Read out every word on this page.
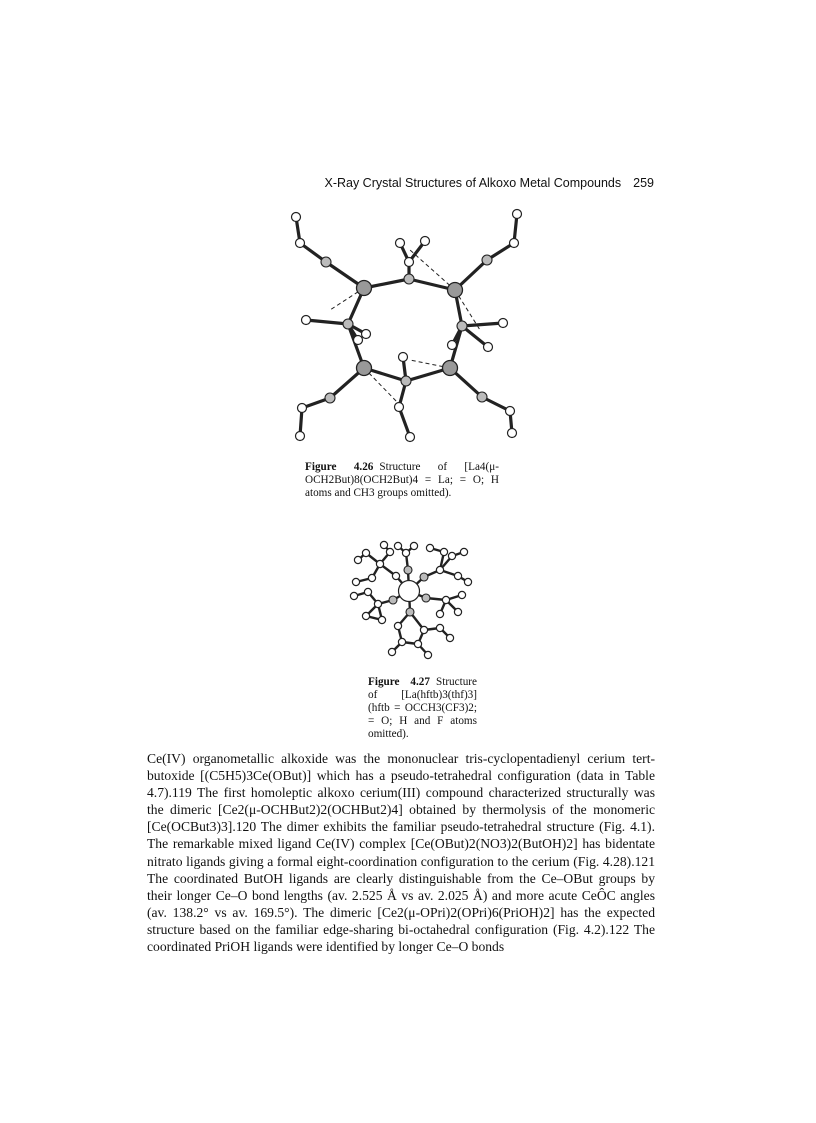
X-Ray Crystal Structures of Alkoxo Metal Compounds 259
Figure 4.26 Structure of [La4(μ-OCH2But)8(OCH2But)4 = La; = O; H atoms and CH3 groups omitted).
Figure 4.27 Structure of [La(hftb)3(thf)3] (hftb = OCCH3(CF3)2; = O; H and F atoms omitted).
Ce(IV) organometallic alkoxide was the mononuclear tris-cyclopentadienyl cerium tert-butoxide [(C5H5)3Ce(OBut)] which has a pseudo-tetrahedral configuration (data in Table 4.7).119 The first homoleptic alkoxo cerium(III) compound characterized structurally was the dimeric [Ce2(μ-OCHBut2)2(OCHBut2)4] obtained by thermolysis of the monomeric [Ce(OCBut3)3].120 The dimer exhibits the familiar pseudo-tetrahedral structure (Fig. 4.1). The remarkable mixed ligand Ce(IV) complex [Ce(OBut)2(NO3)2(ButOH)2] has bidentate nitrato ligands giving a formal eight-coordination configuration to the cerium (Fig. 4.28).121 The coordinated ButOH ligands are clearly distinguishable from the Ce–OBut groups by their longer Ce–O bond lengths (av. 2.525 Å vs av. 2.025 Å) and more acute CeÔC angles (av. 138.2° vs av. 169.5°). The dimeric [Ce2(μ-OPri)2(OPri)6(PriOH)2] has the expected structure based on the familiar edge-sharing bi-octahedral configuration (Fig. 4.2).122 The coordinated PriOH ligands were identified by longer Ce–O bonds
